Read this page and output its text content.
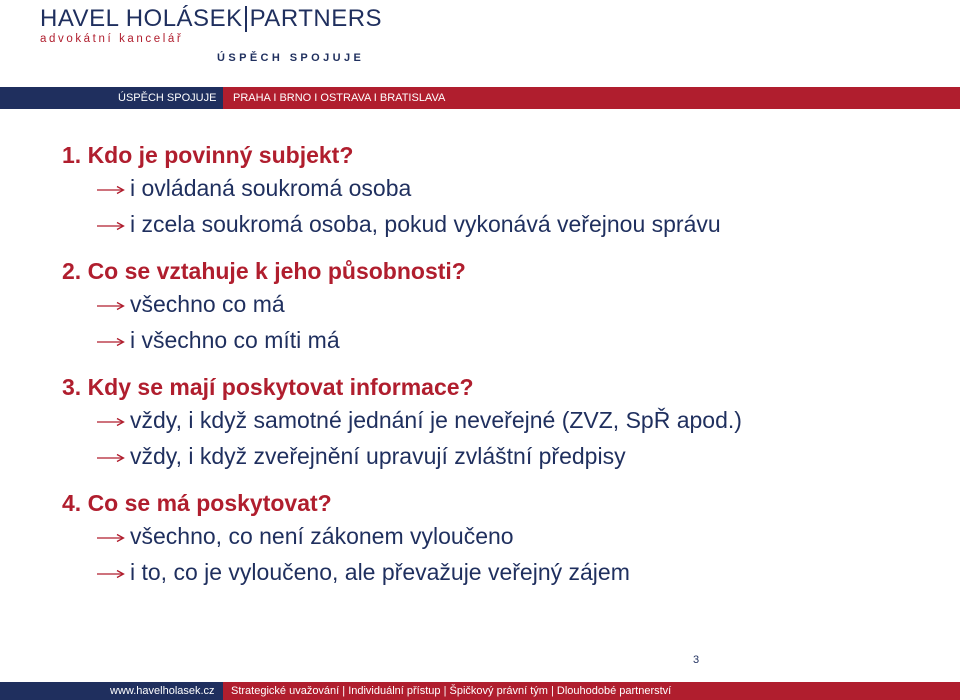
HAVEL HOLÁSEK PARTNERS
advokátní kancelář
ÚSPĚCH SPOJUJE
ÚSPĚCH SPOJUJE	PRAHA I BRNO I OSTRAVA I BRATISLAVA
1. Kdo je povinný subjekt?
i ovládaná soukromá osoba
i zcela soukromá osoba, pokud vykonává veřejnou správu
2. Co se vztahuje k jeho působnosti?
všechno co má
i všechno co míti má
3. Kdy se mají poskytovat informace?
vždy, i když samotné jednání je neveřejné (ZVZ, SpŘ apod.)
vždy, i když zveřejnění upravují zvláštní předpisy
4. Co se má poskytovat?
všechno, co není zákonem vyloučeno
i to, co je vyloučeno, ale převažuje veřejný zájem
3
www.havelholasek.cz	Strategické uvažování | Individuální přístup | Špičkový právní tým | Dlouhodobé partnerství
